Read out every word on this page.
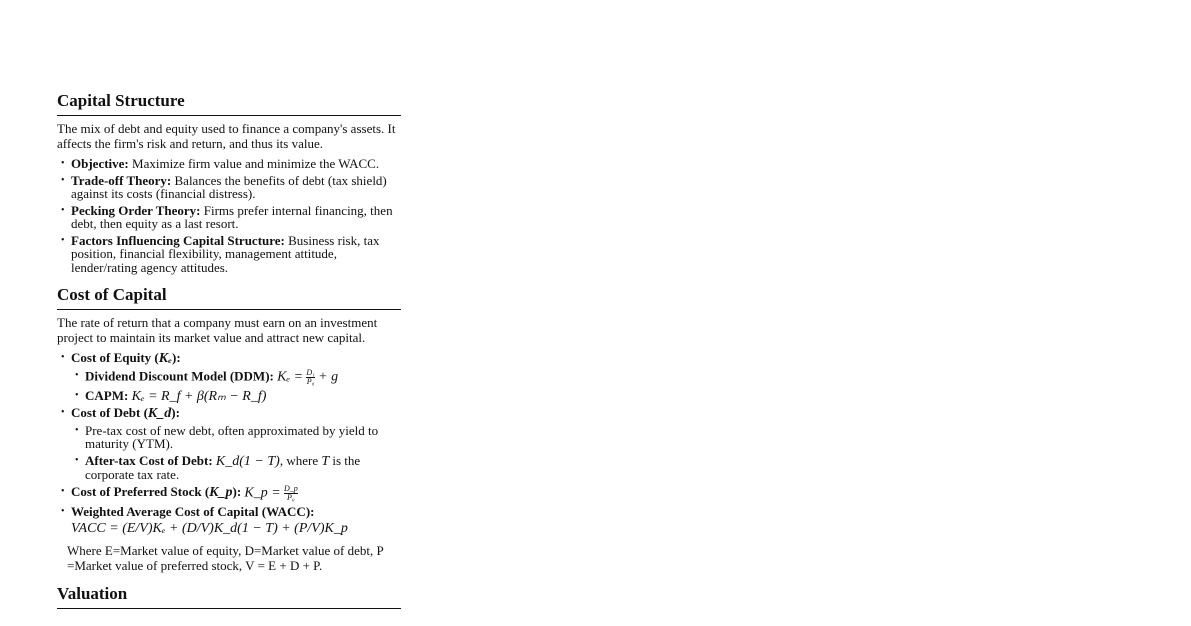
Capital Structure

The mix of debt and equity used to finance a company's assets. It affects the firm's risk and return, and thus its value.

• Objective: Maximize firm value and minimize the WACC.
• Trade-off Theory: Balances the benefits of debt (tax shield) against its costs (financial distress).
• Pecking Order Theory: Firms prefer internal financing, then debt, then equity as a last resort.
• Factors Influencing Capital Structure: Business risk, tax position, financial flexibility, management attitude, lender/rating agency attitudes.
Cost of Capital

The rate of return that a company must earn on an investment project to maintain its market value and attract new capital.

• Cost of Equity (Kₑ):
• Dividend Discount Model (DDM): $K_e = \frac{\text{D₁}}{\text{P₀}} + g$
• CAPM: Kₑ = R_f + β(Rₘ − R_f)
• Cost of Debt (K_d):
• Pre-tax cost of new debt, often approximated by yield to maturity (YTM).
• After-tax Cost of Debt: K_d(1 − T), where T is the corporate tax rate.
• Cost of Preferred Stock (K_p): K_p = $\frac{D\_p}{\text{P₀}}$
• Weighted Average Cost of Capital (WACC):
VACC = (E/V)Kₑ + (D/V)K_d(1 − T) + (P/V)K_p
Where E=Market value of equity, D=Market value of debt, P =Market value of preferred stock, V = E + D + P.
Valuation
